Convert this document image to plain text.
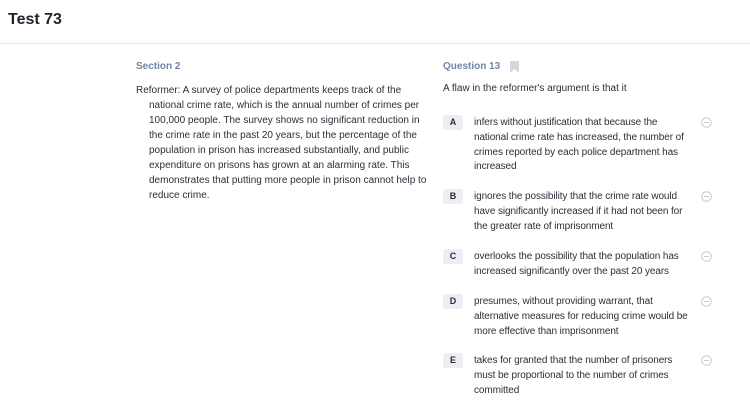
Test 73
Section 2

Reformer: A survey of police departments keeps track of the national crime rate, which is the annual number of crimes per 100,000 people. The survey shows no significant reduction in the crime rate in the past 20 years, but the percentage of the population in prison has increased substantially, and public expenditure on prisons has grown at an alarming rate. This demonstrates that putting more people in prison cannot help to reduce crime.

Question 13

A flaw in the reformer's argument is that it

A	infers without justification that because the national crime rate has increased, the number of crimes reported by each police department has increased
B	ignores the possibility that the crime rate would have significantly increased if it had not been for the greater rate of imprisonment
C	overlooks the possibility that the population has increased significantly over the past 20 years
D	presumes, without providing warrant, that alternative measures for reducing crime would be more effective than imprisonment
E	takes for granted that the number of prisoners must be proportional to the number of crimes committed
